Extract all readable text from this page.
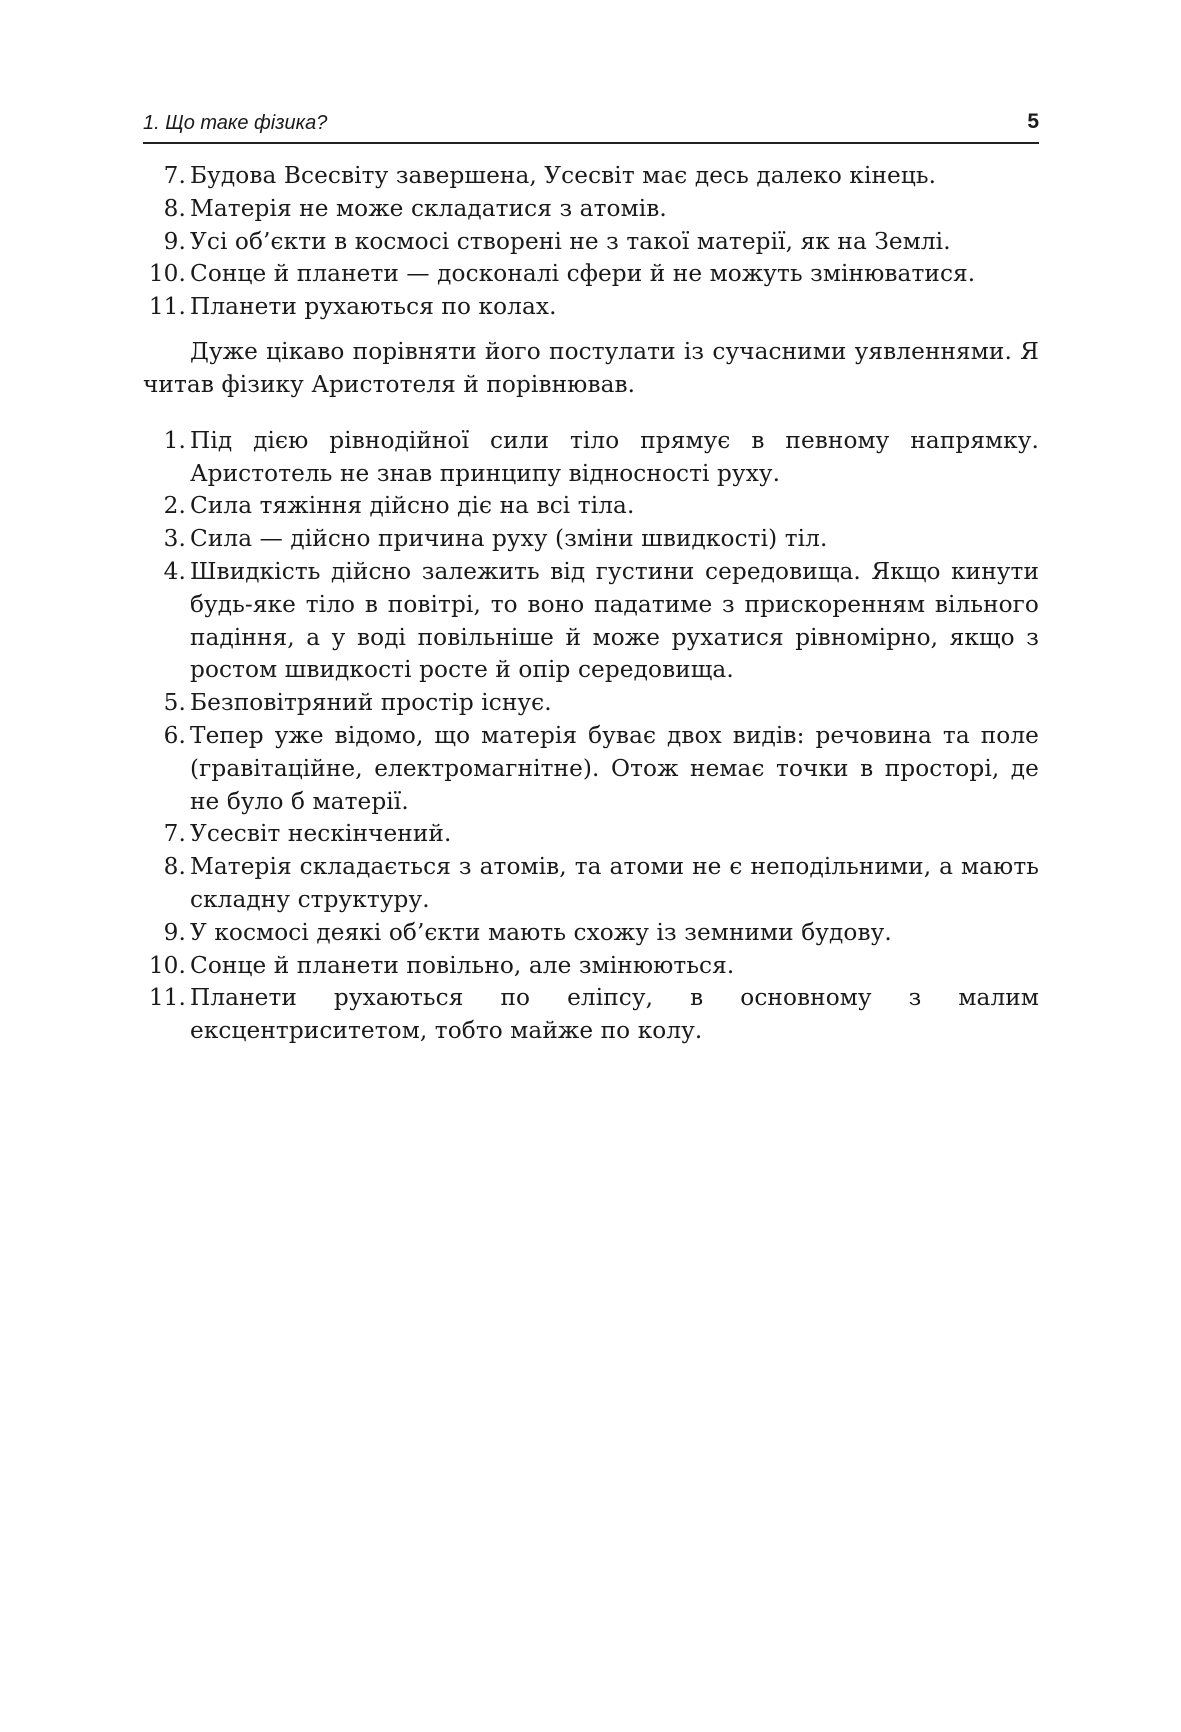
1. Що таке фізика?	5
7. Будова Всесвіту завершена, Усесвіт має десь далеко кінець.
8. Матерія не може складатися з атомів.
9. Усі об’єкти в космосі створені не з такої матерії, як на Землі.
10. Сонце й планети — досконалі сфери й не можуть змінюватися.
11. Планети рухаються по колах.

Дуже цікаво порівняти його постулати із сучасними уявленнями. Я читав фізику Аристотеля й порівнював.

1. Під дією рівнодійної сили тіло прямує в певному напрямку. Аристотель не знав принципу відносності руху.
2. Сила тяжіння дійсно діє на всі тіла.
3. Сила — дійсно причина руху (зміни швидкості) тіл.
4. Швидкість дійсно залежить від густини середовища. Якщо кинути будь-яке тіло в повітрі, то воно падатиме з прискоренням вільного падіння, а у воді повільніше й може рухатися рівномірно, якщо з ростом швидкості росте й опір середовища.
5. Безповітряний простір існує.
6. Тепер уже відомо, що матерія буває двох видів: речовина та поле (гравітаційне, електромагнітне). Отож немає точки в просторі, де не було б матерії.
7. Усесвіт нескінчений.
8. Матерія складається з атомів, та атоми не є неподільними, а мають складну структуру.
9. У космосі деякі об’єкти мають схожу із земними будову.
10. Сонце й планети повільно, але змінюються.
11. Планети рухаються по еліпсу, в основному з малим ексцентриситетом, тобто майже по колу.
